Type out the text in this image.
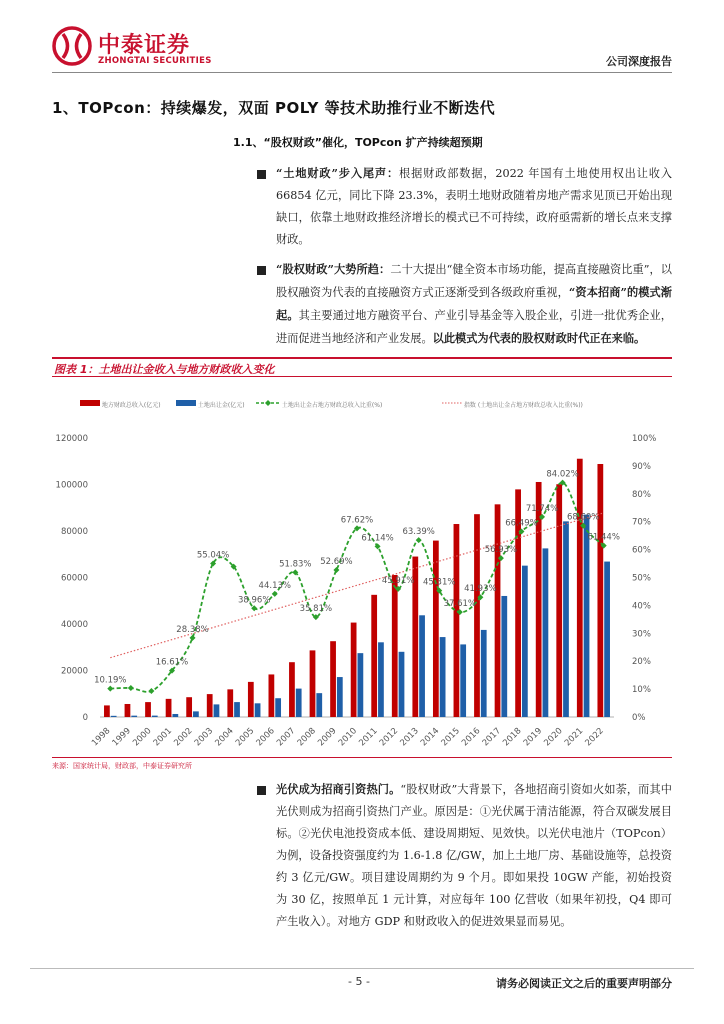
中泰证券
ZHONGTAI SECURITIES	公司深度报告
1、TOPcon：持续爆发，双面 POLY 等技术助推行业不断迭代
1.1、“股权财政”催化，TOPcon 扩产持续超预期
“土地财政”步入尾声：根据财政部数据，2022 年国有土地使用权出让收入 66854 亿元，同比下降 23.3%，表明土地财政随着房地产需求见顶已开始出现缺口，依靠土地财政推经济增长的模式已不可持续，政府亟需新的增长点来支撑财政。
“股权财政”大势所趋：二十大提出“健全资本市场功能，提高直接融资比重”，以股权融资为代表的直接融资方式正逐渐受到各级政府重视，“资本招商”的模式渐起。其主要通过地方融资平台、产业引导基金等入股企业，引进一批优秀企业，进而促进当地经济和产业发展。以此模式为代表的股权财政时代正在来临。
图表 1：土地出让金收入与地方财政收入变化
地方财政总收入(亿元)	土地出让金(亿元)	土地出让金占地方财政总收入比重(%)	指数 (土地出让金占地方财政总收入比重(%))
0
20000
40000
60000
80000
100000
120000
0%
10%
20%
30%
40%
50%
60%
70%
80%
90%
100%
10.19%
16.61%
28.38%
55.04%
38.96%
44.13%
51.83%
35.81%
52.69%
67.62%
61.14%
45.91%
63.39%
45.31%
37.61%
41.93%
56.93%
66.49%
71.74%
84.02%
68.60%
61.44%
1998
1999
2000
2001
2002
2003
2004
2005
2006
2007
2008
2009
2010
2011
2012
2013
2014
2015
2016
2017
2018
2019
2020
2021
2022
来源：国家统计局，财政部，中泰证券研究所
光伏成为招商引资热门。“股权财政”大背景下，各地招商引资如火如荼，而其中光伏则成为招商引资热门产业。原因是：①光伏属于清洁能源，符合双碳发展目标。②光伏电池投资成本低、建设周期短、见效快。以光伏电池片（TOPcon）为例，设备投资强度约为 1.6-1.8 亿/GW，加上土地厂房、基础设施等，总投资约 3 亿元/GW。项目建设周期约为 9 个月。即如果投 10GW 产能，初始投资为 30 亿，按照单瓦 1 元计算，对应每年 100 亿营收（如果年初投，Q4 即可产生收入）。对地方 GDP 和财政收入的促进效果显而易见。
- 5 -	请务必阅读正文之后的重要声明部分
